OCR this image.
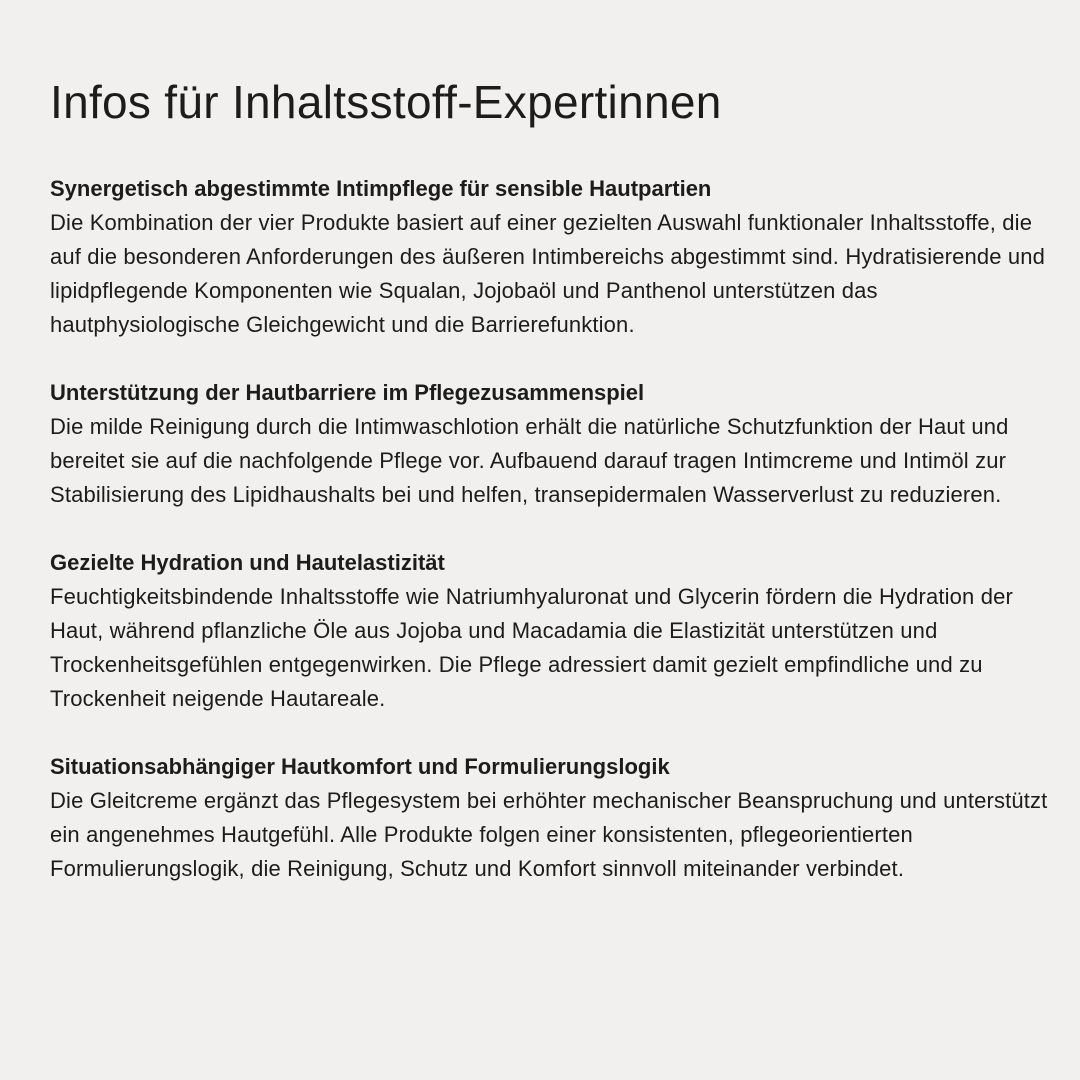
Infos für Inhaltsstoff-Expertinnen
Synergetisch abgestimmte Intimpflege für sensible Hautpartien

Die Kombination der vier Produkte basiert auf einer gezielten Auswahl funktionaler Inhaltsstoffe, die auf die besonderen Anforderungen des äußeren Intimbereichs abgestimmt sind. Hydratisierende und lipidpflegende Komponenten wie Squalan, Jojobaöl und Panthenol unterstützen das hautphysiologische Gleichgewicht und die Barrierefunktion.

Unterstützung der Hautbarriere im Pflegezusammenspiel

Die milde Reinigung durch die Intimwaschlotion erhält die natürliche Schutzfunktion der Haut und bereitet sie auf die nachfolgende Pflege vor. Aufbauend darauf tragen Intimcreme und Intimöl zur Stabilisierung des Lipidhaushalts bei und helfen, transepidermalen Wasserverlust zu reduzieren.

Gezielte Hydration und Hautelastizität

Feuchtigkeitsbindende Inhaltsstoffe wie Natriumhyaluronat und Glycerin fördern die Hydration der Haut, während pflanzliche Öle aus Jojoba und Macadamia die Elastizität unterstützen und Trockenheitsgefühlen entgegenwirken. Die Pflege adressiert damit gezielt empfindliche und zu Trockenheit neigende Hautareale.

Situationsabhängiger Hautkomfort und Formulierungslogik

Die Gleitcreme ergänzt das Pflegesystem bei erhöhter mechanischer Beanspruchung und unterstützt ein angenehmes Hautgefühl. Alle Produkte folgen einer konsistenten, pflegeorientierten Formulierungslogik, die Reinigung, Schutz und Komfort sinnvoll miteinander verbindet.
